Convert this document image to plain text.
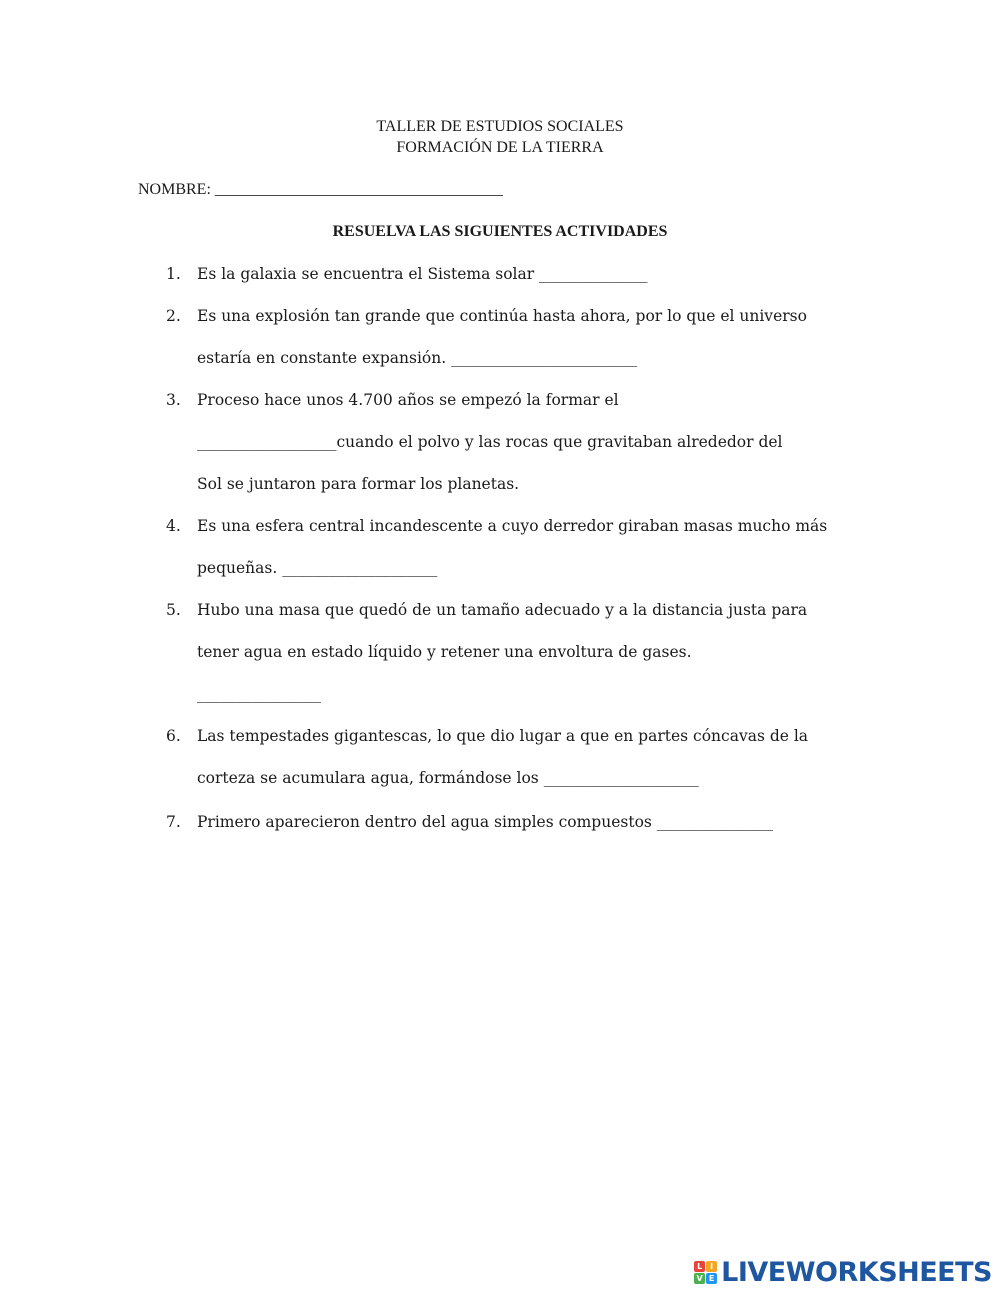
TALLER DE ESTUDIOS SOCIALES
FORMACIÓN DE LA TIERRA
NOMBRE: ____________________________________
RESUELVA LAS SIGUIENTES ACTIVIDADES
1. Es la galaxia se encuentra el Sistema solar ______________
2. Es una explosión tan grande que continúa hasta ahora, por lo que el universo
estaría en constante expansión. ________________________
3. Proceso hace unos 4.700 años se empezó la formar el
__________________cuando el polvo y las rocas que gravitaban alrededor del
Sol se juntaron para formar los planetas.
4. Es una esfera central incandescente a cuyo derredor giraban masas mucho más
pequeñas. ____________________
5. Hubo una masa que quedó de un tamaño adecuado y a la distancia justa para
tener agua en estado líquido y retener una envoltura de gases.
________________
6. Las tempestades gigantescas, lo que dio lugar a que en partes cóncavas de la
corteza se acumulara agua, formándose los ____________________
7. Primero aparecieron dentro del agua simples compuestos _______________
L I
V E LIVEWORKSHEETS
